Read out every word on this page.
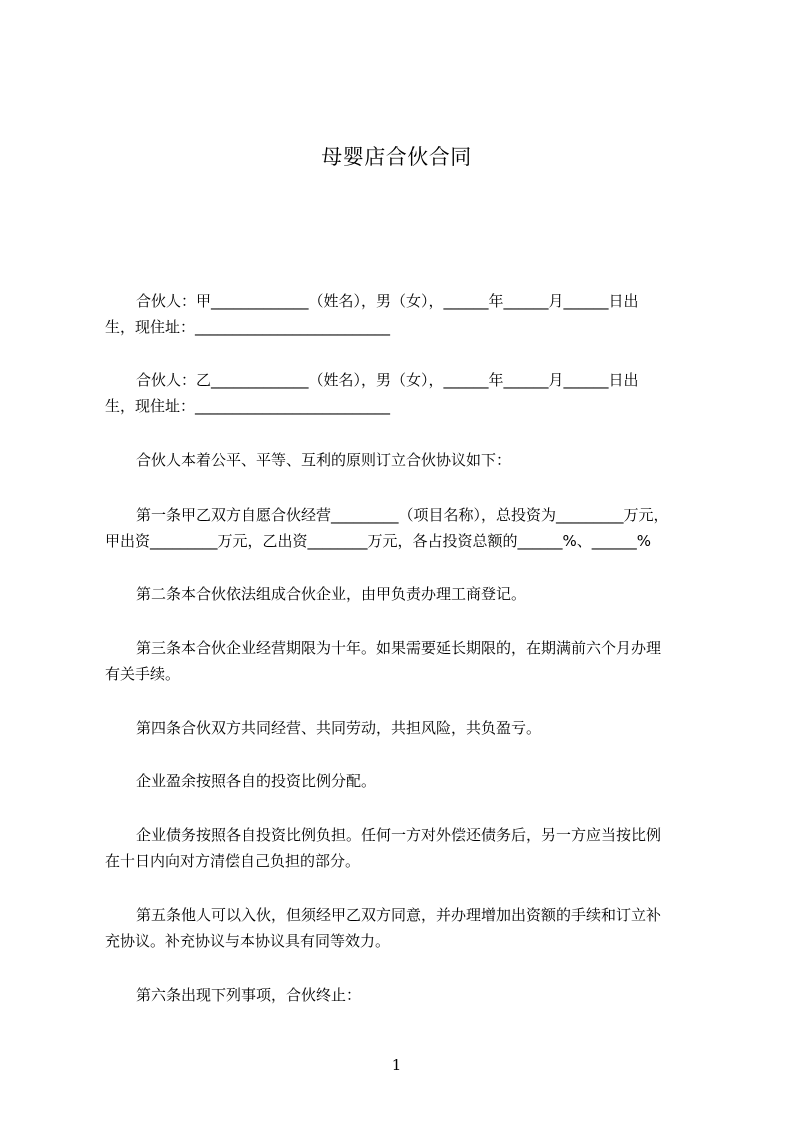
母婴店合伙合同
合伙人：甲_____________（姓名），男（女），______年______月______日出
生，现住址：__________________________
合伙人：乙_____________（姓名），男（女），______年______月______日出
生，现住址：__________________________
合伙人本着公平、平等、互利的原则订立合伙协议如下：
第一条甲乙双方自愿合伙经营_________（项目名称），总投资为_________万元，
甲出资_________万元，乙出资________万元，各占投资总额的______%、______%
第二条本合伙依法组成合伙企业，由甲负责办理工商登记。
第三条本合伙企业经营期限为十年。如果需要延长期限的，在期满前六个月办理
有关手续。
第四条合伙双方共同经营、共同劳动，共担风险，共负盈亏。
企业盈余按照各自的投资比例分配。
企业债务按照各自投资比例负担。任何一方对外偿还债务后，另一方应当按比例
在十日内向对方清偿自己负担的部分。
第五条他人可以入伙，但须经甲乙双方同意，并办理增加出资额的手续和订立补
充协议。补充协议与本协议具有同等效力。
第六条出现下列事项，合伙终止：
1
